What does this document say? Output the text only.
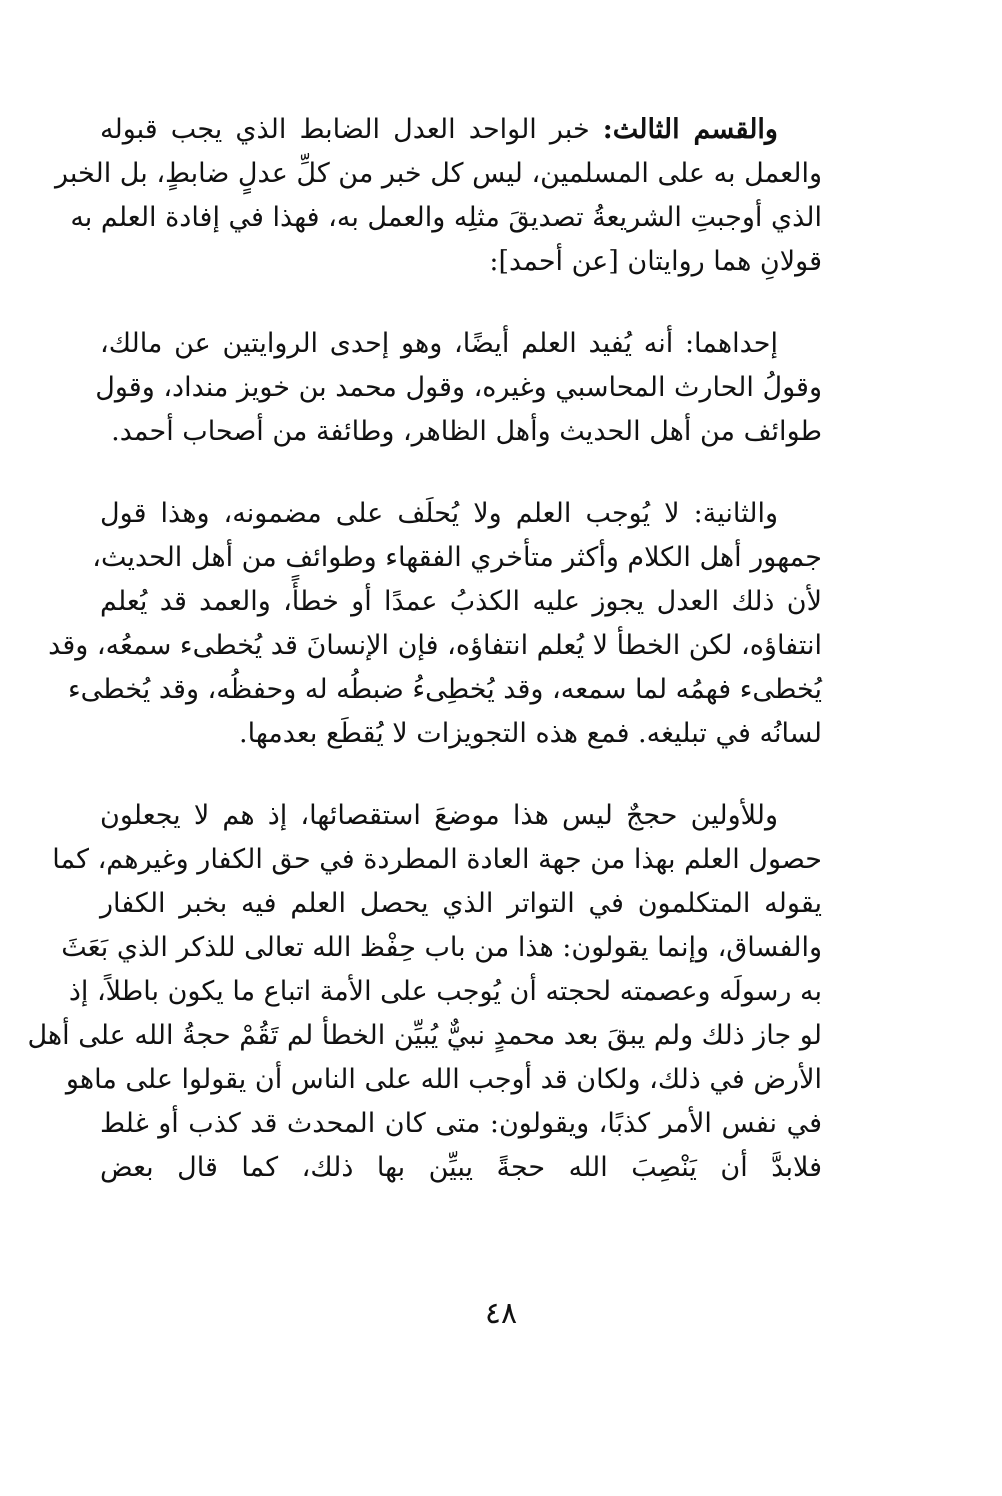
والقسم الثالث: خبر الواحد العدل الضابط الذي يجب قبوله
والعمل به على المسلمين، ليس كل خبر من كلِّ عدلٍ ضابطٍ، بل الخبر
الذي أوجبتِ الشريعةُ تصديقَ مثلِه والعمل به، فهذا في إفادة العلم به
قولانِ هما روايتان [عن أحمد]:
إحداهما: أنه يُفيد العلم أيضًا، وهو إحدى الروايتين عن مالك،
وقولُ الحارث المحاسبي وغيره، وقول محمد بن خويز منداد، وقول
طوائف من أهل الحديث وأهل الظاهر، وطائفة من أصحاب أحمد.
والثانية: لا يُوجب العلم ولا يُحلَف على مضمونه، وهذا قول
جمهور أهل الكلام وأكثر متأخري الفقهاء وطوائف من أهل الحديث،
لأن ذلك العدل يجوز عليه الكذبُ عمدًا أو خطأً، والعمد قد يُعلم
انتفاؤه، لكن الخطأ لا يُعلم انتفاؤه، فإن الإنسانَ قد يُخطىء سمعُه، وقد
يُخطىء فهمُه لما سمعه، وقد يُخطِىءُ ضبطُه له وحفظُه، وقد يُخطىء
لسانُه في تبليغه. فمع هذه التجويزات لا يُقطَع بعدمها.
وللأولين حججٌ ليس هذا موضعَ استقصائها، إذ هم لا يجعلون
حصول العلم بهذا من جهة العادة المطردة في حق الكفار وغيرهم، كما
يقوله المتكلمون في التواتر الذي يحصل العلم فيه بخبر الكفار
والفساق، وإنما يقولون: هذا من باب حِفْظ الله تعالى للذكر الذي بَعَثَ
به رسولَه وعصمته لحجته أن يُوجب على الأمة اتباع ما يكون باطلاً، إذ
لو جاز ذلك ولم يبقَ بعد محمدٍ نبيٌّ يُبيِّن الخطأ لم تَقُمْ حجةُ الله على أهل
الأرض في ذلك، ولكان قد أوجب الله على الناس أن يقولوا على ماهو
في نفس الأمر كذبًا، ويقولون: متى كان المحدث قد كذب أو غلط
فلابدَّ أن يَنْصِبَ الله حجةً يبيِّن بها ذلك، كما قال بعض
٤٨
